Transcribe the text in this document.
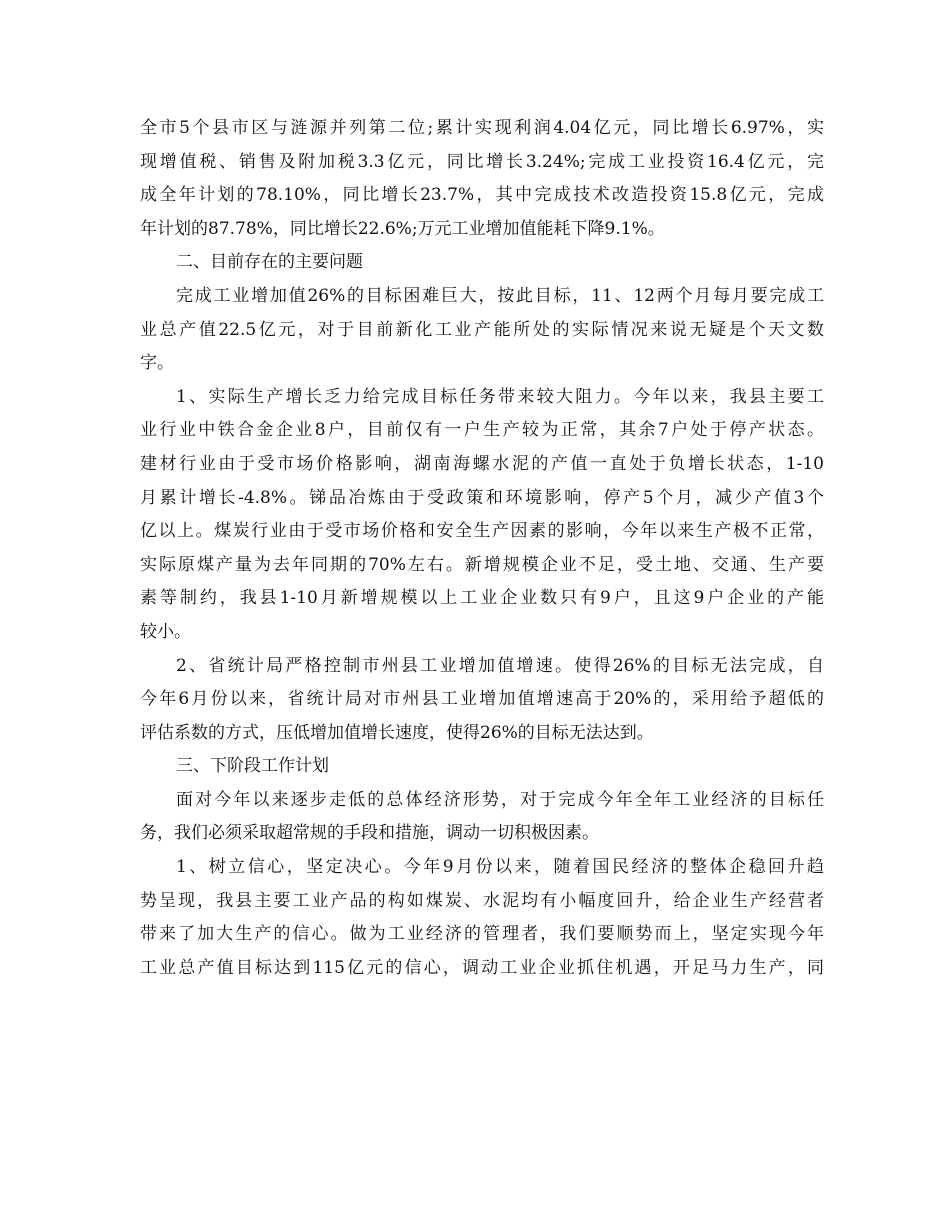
全市5个县市区与涟源并列第二位;累计实现利润4.04亿元，同比增长6.97%，实
现增值税、销售及附加税3.3亿元，同比增长3.24%;完成工业投资16.4亿元，完
成全年计划的78.10%，同比增长23.7%，其中完成技术改造投资15.8亿元，完成
年计划的87.78%，同比增长22.6%;万元工业增加值能耗下降9.1%。
二、目前存在的主要问题
完成工业增加值26%的目标困难巨大，按此目标，11、12两个月每月要完成工
业总产值22.5亿元，对于目前新化工业产能所处的实际情况来说无疑是个天文数
字。
1、实际生产增长乏力给完成目标任务带来较大阻力。今年以来，我县主要工
业行业中铁合金企业8户，目前仅有一户生产较为正常，其余7户处于停产状态。
建材行业由于受市场价格影响，湖南海螺水泥的产值一直处于负增长状态，1-10
月累计增长-4.8%。锑品冶炼由于受政策和环境影响，停产5个月，减少产值3个
亿以上。煤炭行业由于受市场价格和安全生产因素的影响，今年以来生产极不正常，
实际原煤产量为去年同期的70%左右。新增规模企业不足，受土地、交通、生产要
素等制约，我县1-10月新增规模以上工业企业数只有9户，且这9户企业的产能
较小。
2、省统计局严格控制市州县工业增加值增速。使得26%的目标无法完成，自
今年6月份以来，省统计局对市州县工业增加值增速高于20%的，采用给予超低的
评估系数的方式，压低增加值增长速度，使得26%的目标无法达到。
三、下阶段工作计划
面对今年以来逐步走低的总体经济形势，对于完成今年全年工业经济的目标任
务，我们必须采取超常规的手段和措施，调动一切积极因素。
1、树立信心，坚定决心。今年9月份以来，随着国民经济的整体企稳回升趋
势呈现，我县主要工业产品的构如煤炭、水泥均有小幅度回升，给企业生产经营者
带来了加大生产的信心。做为工业经济的管理者，我们要顺势而上，坚定实现今年
工业总产值目标达到115亿元的信心，调动工业企业抓住机遇，开足马力生产，同
